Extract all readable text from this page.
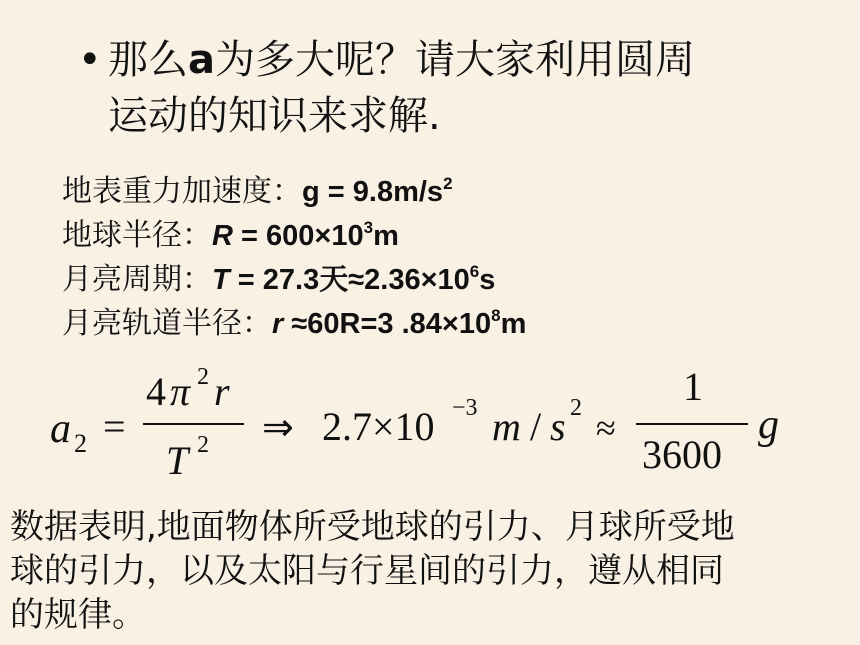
• 那么a为多大呢？请大家利用圆周
运动的知识来求解.
地表重力加速度：$g = 9.8m/s^2$
地球半径：$R = 600\times 10^3m$
月亮周期：T = 27.3天$\approx 2.36\times 10^6s$
月亮轨道半径：r ≈60R=3 $.84\times 10^8m$
a 2 =
4 π 2 r
T 2 ⇒ 2.7×10 −3 m / s 2 ≈
1
3600
g
数据表明,地面物体所受地球的引力、月球所受地
球的引力，以及太阳与行星间的引力，遵从相同
的规律。
